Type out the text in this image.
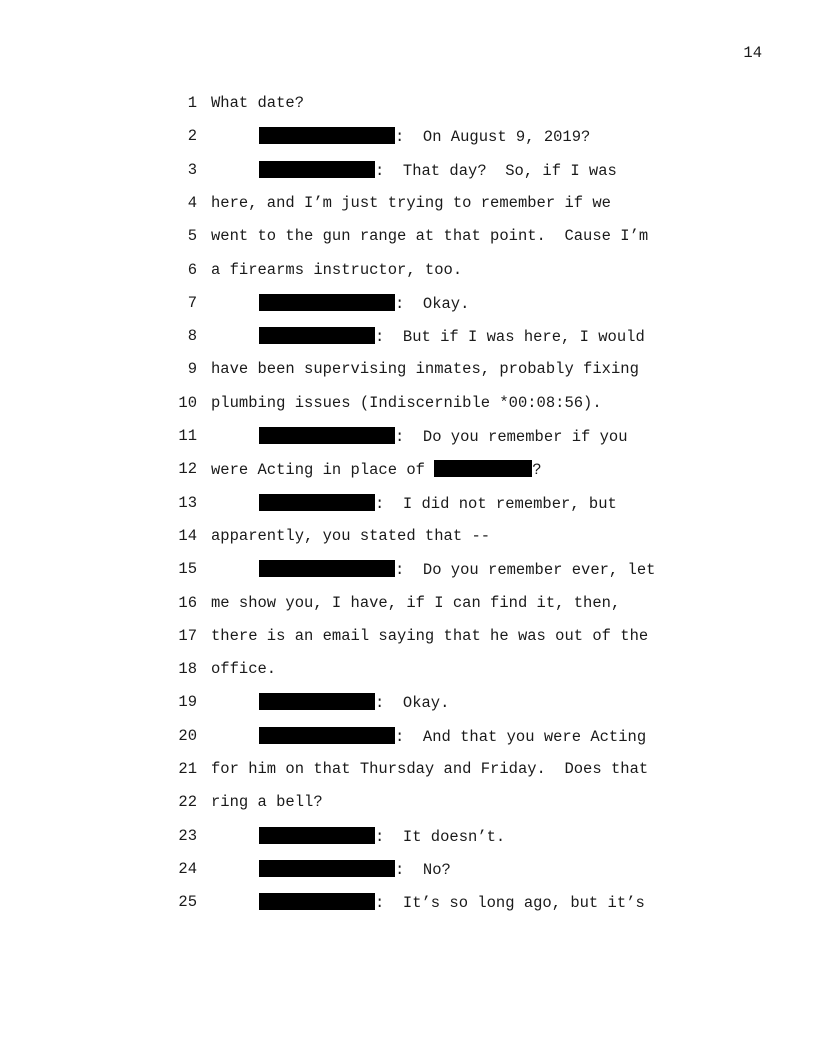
14
1 What date?
2	:  On August 9, 2019?
3	:  That day?  So, if I was
4 here, and I’m just trying to remember if we
5 went to the gun range at that point.  Cause I’m
6 a firearms instructor, too.
7	:  Okay.
8	:  But if I was here, I would
9 have been supervising inmates, probably fixing
10 plumbing issues (Indiscernible *00:08:56).
11	:  Do you remember if you
12 were Acting in place of	?
13	:  I did not remember, but
14 apparently, you stated that --
15	:  Do you remember ever, let
16 me show you, I have, if I can find it, then,
17 there is an email saying that he was out of the
18 office.
19	:  Okay.
20	:  And that you were Acting
21 for him on that Thursday and Friday.  Does that
22 ring a bell?
23	:  It doesn’t.
24	:  No?
25	:  It’s so long ago, but it’s
